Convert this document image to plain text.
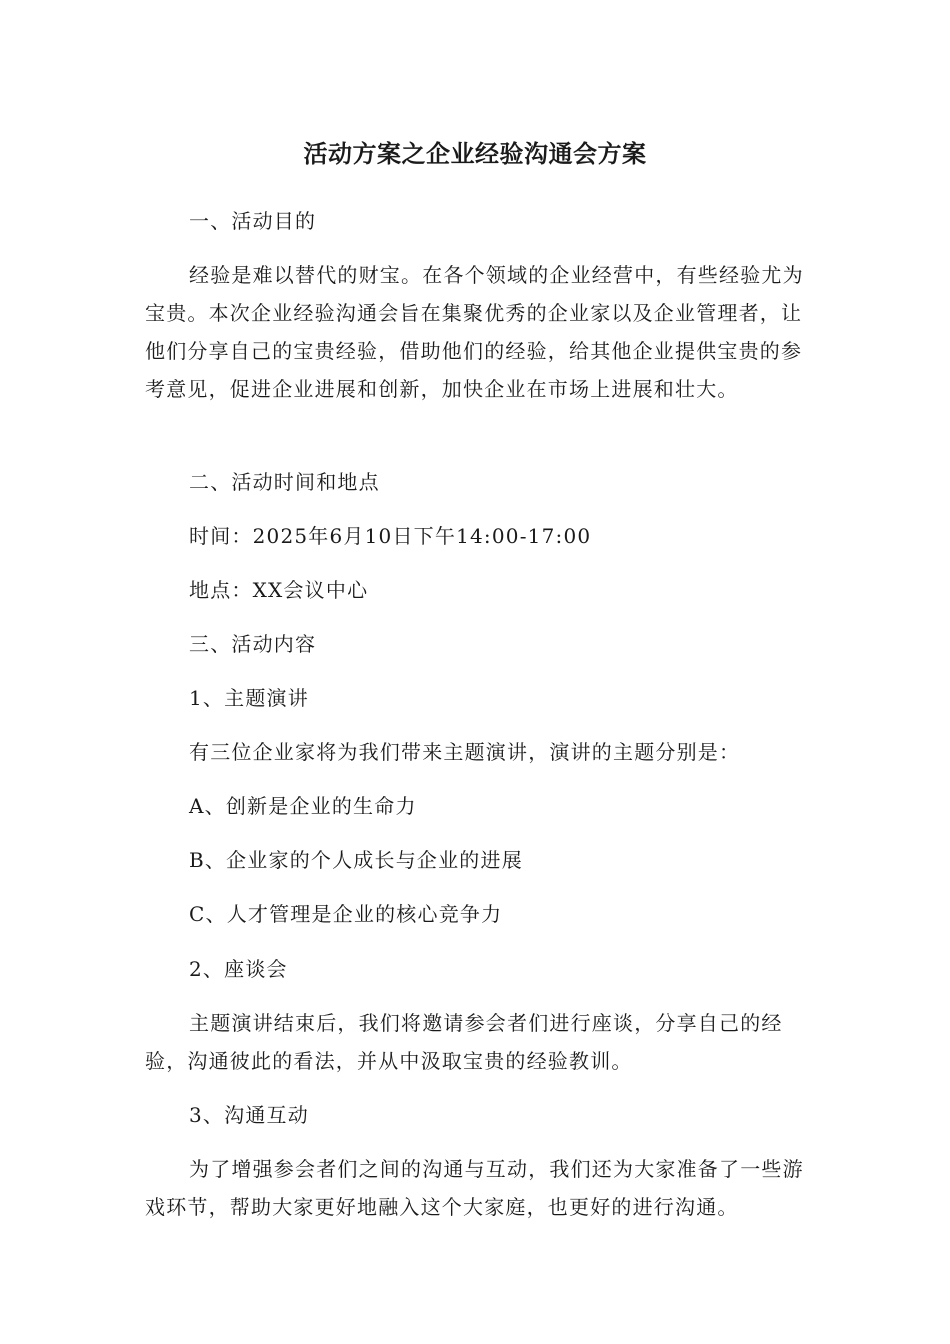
活动方案之企业经验沟通会方案
一、活动目的

经验是难以替代的财宝。在各个领域的企业经营中，有些经验尤为宝贵。本次企业经验沟通会旨在集聚优秀的企业家以及企业管理者，让他们分享自己的宝贵经验，借助他们的经验，给其他企业提供宝贵的参考意见，促进企业进展和创新，加快企业在市场上进展和壮大。

二、活动时间和地点
时间：2025年6月10日下午14:00-17:00
地点：XX会议中心
三、活动内容
1、主题演讲
有三位企业家将为我们带来主题演讲，演讲的主题分别是：
A、创新是企业的生命力
B、企业家的个人成长与企业的进展
C、人才管理是企业的核心竞争力
2、座谈会

主题演讲结束后，我们将邀请参会者们进行座谈，分享自己的经验，沟通彼此的看法，并从中汲取宝贵的经验教训。

3、沟通互动

为了增强参会者们之间的沟通与互动，我们还为大家准备了一些游戏环节，帮助大家更好地融入这个大家庭，也更好的进行沟通。
